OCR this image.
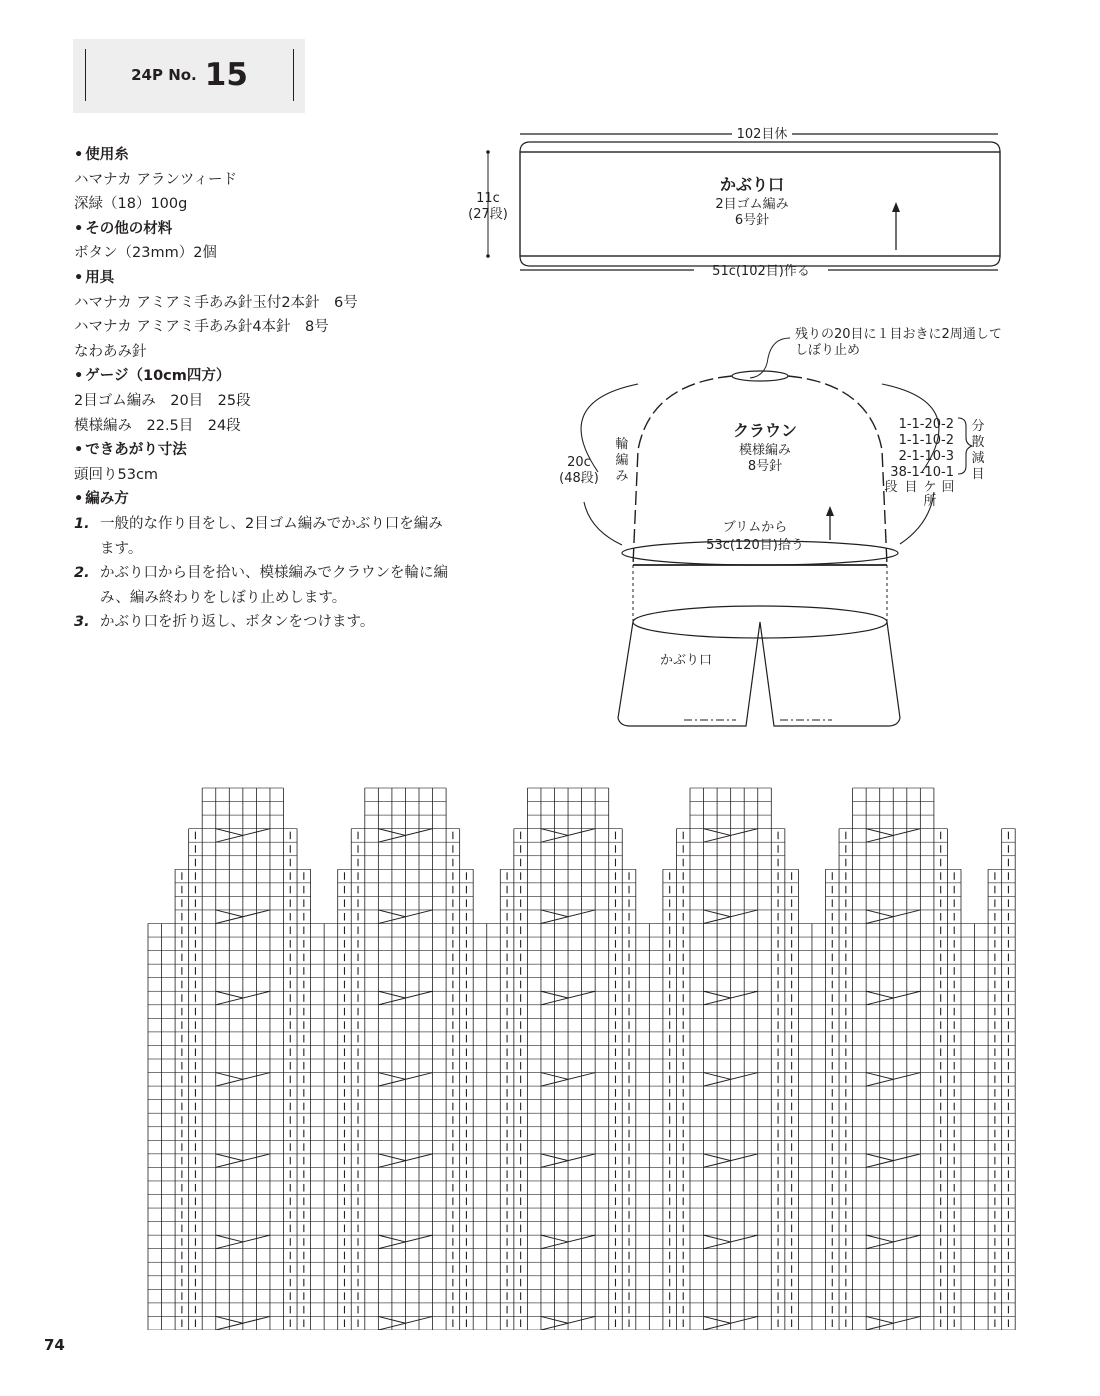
24P No. 15
• 使用糸
ハマナカ アランツィード
深緑（18）100g
• その他の材料
ボタン（23mm）2個
• 用具
ハマナカ アミアミ手あみ針玉付2本針　6号
ハマナカ アミアミ手あみ針4本針　8号
なわあみ針
• ゲージ（10cm四方）
2目ゴム編み　20目　25段
模様編み　22.5目　24段
• できあがり寸法
頭回り53cm
• 編み方
1. 一般的な作り目をし、2目ゴム編みでかぶり口を編みます。
2. かぶり口から目を拾い、模様編みでクラウンを輪に編み、編み終わりをしぼり止めします。
3. かぶり口を折り返し、ボタンをつけます。
102目休
51c(102目)作る
かぶり口
2目ゴム編み
6号針
11c
(27段)
残りの20目に１目おきに2周通して
しぼり止め
クラウン
模様編み
8号針
輪
編
み
20c
(48段)
ブリムから
53c(120目)拾う
1-1-20-2
1-1-10-2
2-1-10-3
38-1-10-1
段 目 ケ 回
所
分
散
減
目
かぶり口
74
